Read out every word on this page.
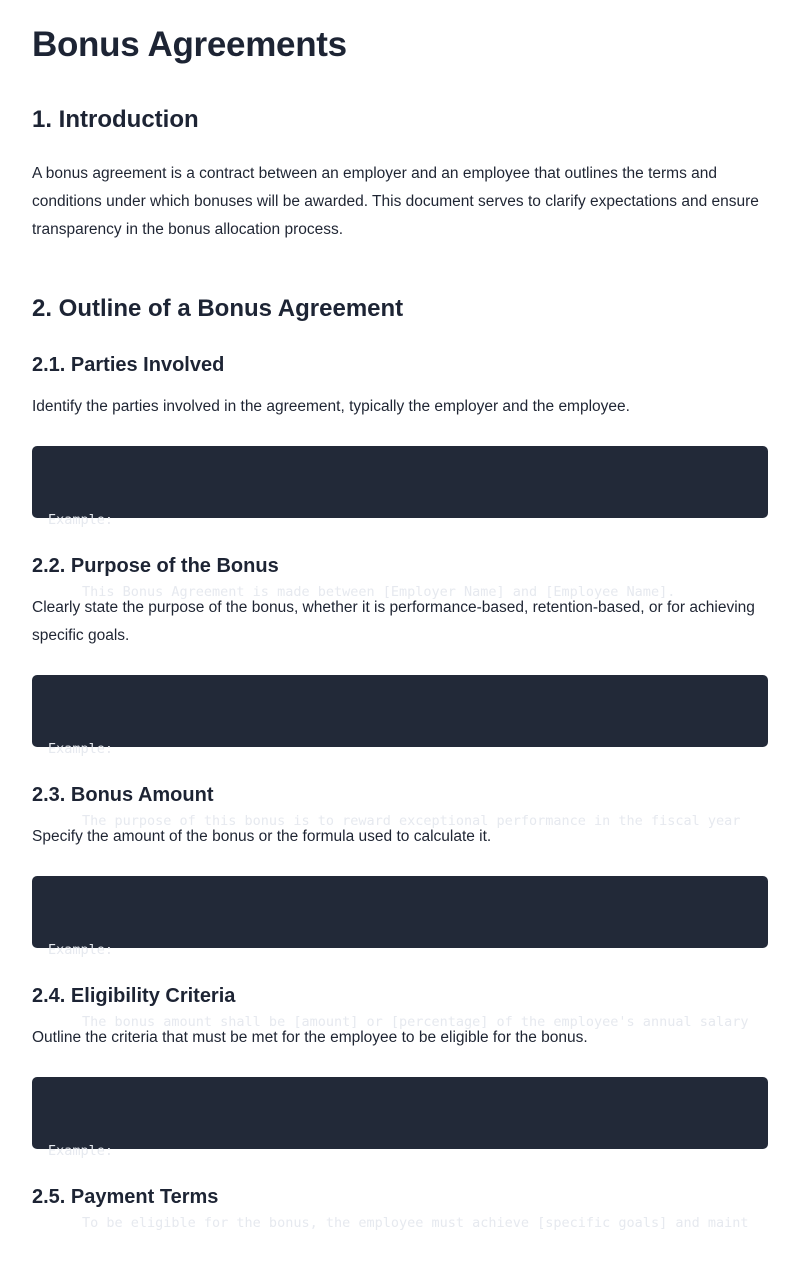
Bonus Agreements
1. Introduction

A bonus agreement is a contract between an employer and an employee that outlines the terms and conditions under which bonuses will be awarded. This document serves to clarify expectations and ensure transparency in the bonus allocation process.

2. Outline of a Bonus Agreement
2.1. Parties Involved

Identify the parties involved in the agreement, typically the employer and the employee.

Example:

This Bonus Agreement is made between [Employer Name] and [Employee Name].

2.2. Purpose of the Bonus

Clearly state the purpose of the bonus, whether it is performance-based, retention-based, or for achieving specific goals.

Example:

The purpose of this bonus is to reward exceptional performance in the fiscal year

2.3. Bonus Amount

Specify the amount of the bonus or the formula used to calculate it.

Example:

The bonus amount shall be [amount] or [percentage] of the employee's annual salary

2.4. Eligibility Criteria

Outline the criteria that must be met for the employee to be eligible for the bonus.

Example:

To be eligible for the bonus, the employee must achieve [specific goals] and maint

2.5. Payment Terms
